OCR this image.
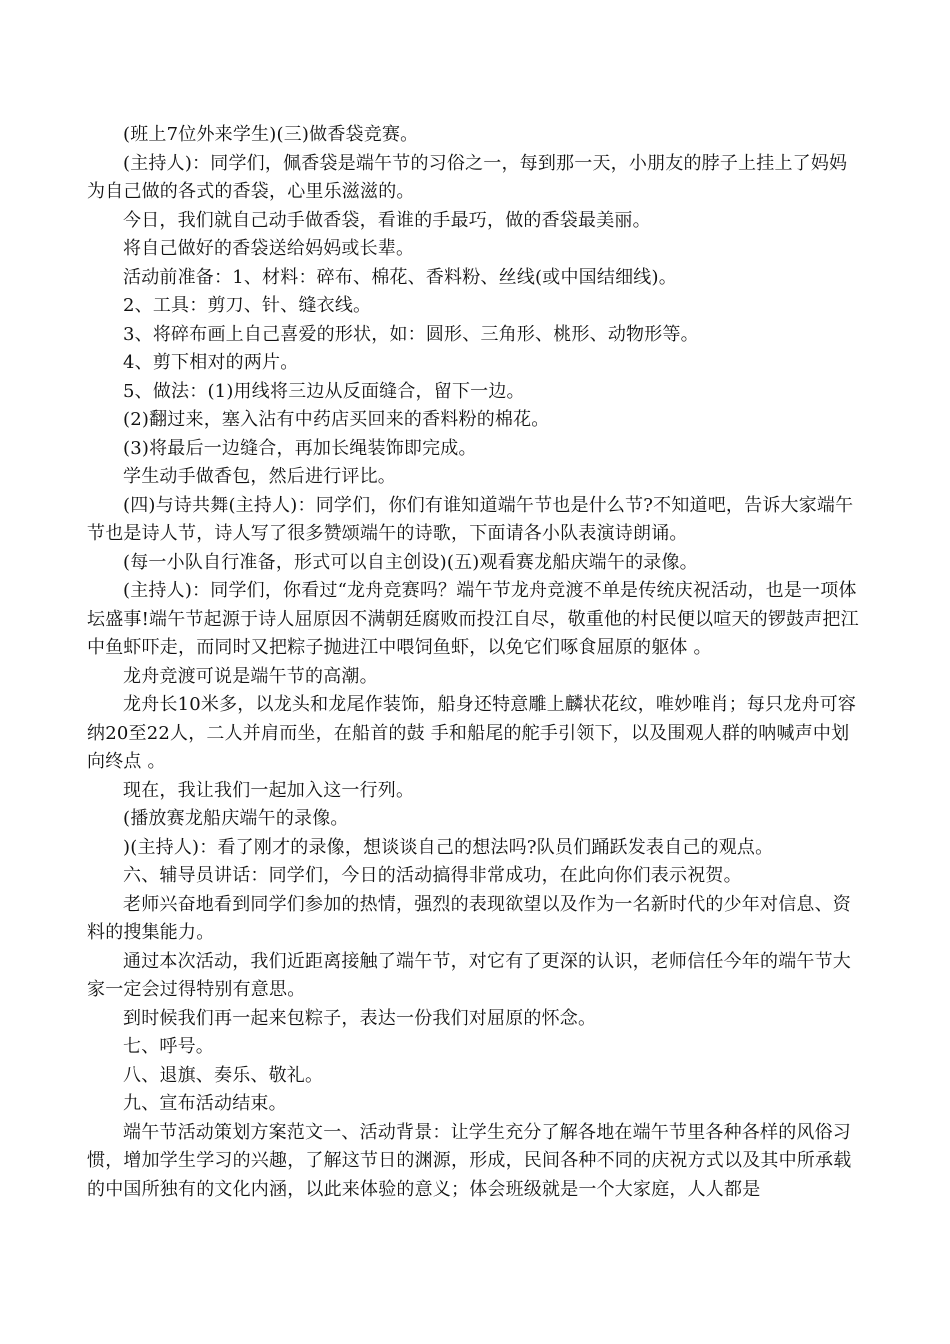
(班上7位外来学生)(三)做香袋竞赛。

(主持人)：同学们，佩香袋是端午节的习俗之一，每到那一天，小朋友的脖子上挂上了妈妈为自己做的各式的香袋，心里乐滋滋的。

今日，我们就自己动手做香袋，看谁的手最巧，做的香袋最美丽。

将自己做好的香袋送给妈妈或长辈。

活动前准备：1、材料：碎布、棉花、香料粉、丝线(或中国结细线)。

2、工具：剪刀、针、缝衣线。

3、将碎布画上自己喜爱的形状，如：圆形、三角形、桃形、动物形等。

4、剪下相对的两片。

5、做法：(1)用线将三边从反面缝合，留下一边。

(2)翻过来，塞入沾有中药店买回来的香料粉的棉花。

(3)将最后一边缝合，再加长绳装饰即完成。

学生动手做香包，然后进行评比。

(四)与诗共舞(主持人)：同学们，你们有谁知道端午节也是什么节?不知道吧，告诉大家端午节也是诗人节，诗人写了很多赞颂端午的诗歌，下面请各小队表演诗朗诵。

(每一小队自行准备，形式可以自主创设)(五)观看赛龙船庆端午的录像。

(主持人)：同学们，你看过“龙舟竞赛吗？端午节龙舟竞渡不单是传统庆祝活动，也是一项体坛盛事!端午节起源于诗人屈原因不满朝廷腐败而投江自尽，敬重他的村民便以喧天的锣鼓声把江中鱼虾吓走，而同时又把粽子抛进江中喂饲鱼虾，以免它们啄食屈原的躯体 。

龙舟竞渡可说是端午节的高潮。

龙舟长10米多，以龙头和龙尾作装饰，船身还特意雕上麟状花纹，唯妙唯肖；每只龙舟可容纳20至22人，二人并肩而坐，在船首的鼓 手和船尾的舵手引领下，以及围观人群的呐喊声中划向终点 。

现在，我让我们一起加入这一行列。

(播放赛龙船庆端午的录像。

)(主持人)：看了刚才的录像，想谈谈自己的想法吗?队员们踊跃发表自己的观点。

六、辅导员讲话：同学们，今日的活动搞得非常成功，在此向你们表示祝贺。

老师兴奋地看到同学们参加的热情，强烈的表现欲望以及作为一名新时代的少年对信息、资料的搜集能力。

通过本次活动，我们近距离接触了端午节，对它有了更深的认识，老师信任今年的端午节大家一定会过得特别有意思。

到时候我们再一起来包粽子，表达一份我们对屈原的怀念。

七、呼号。

八、退旗、奏乐、敬礼。

九、宣布活动结束。

端午节活动策划方案范文一、活动背景：让学生充分了解各地在端午节里各种各样的风俗习惯，增加学生学习的兴趣，了解这节日的渊源，形成，民间各种不同的庆祝方式以及其中所承载的中国所独有的文化内涵，以此来体验的意义；体会班级就是一个大家庭，人人都是
